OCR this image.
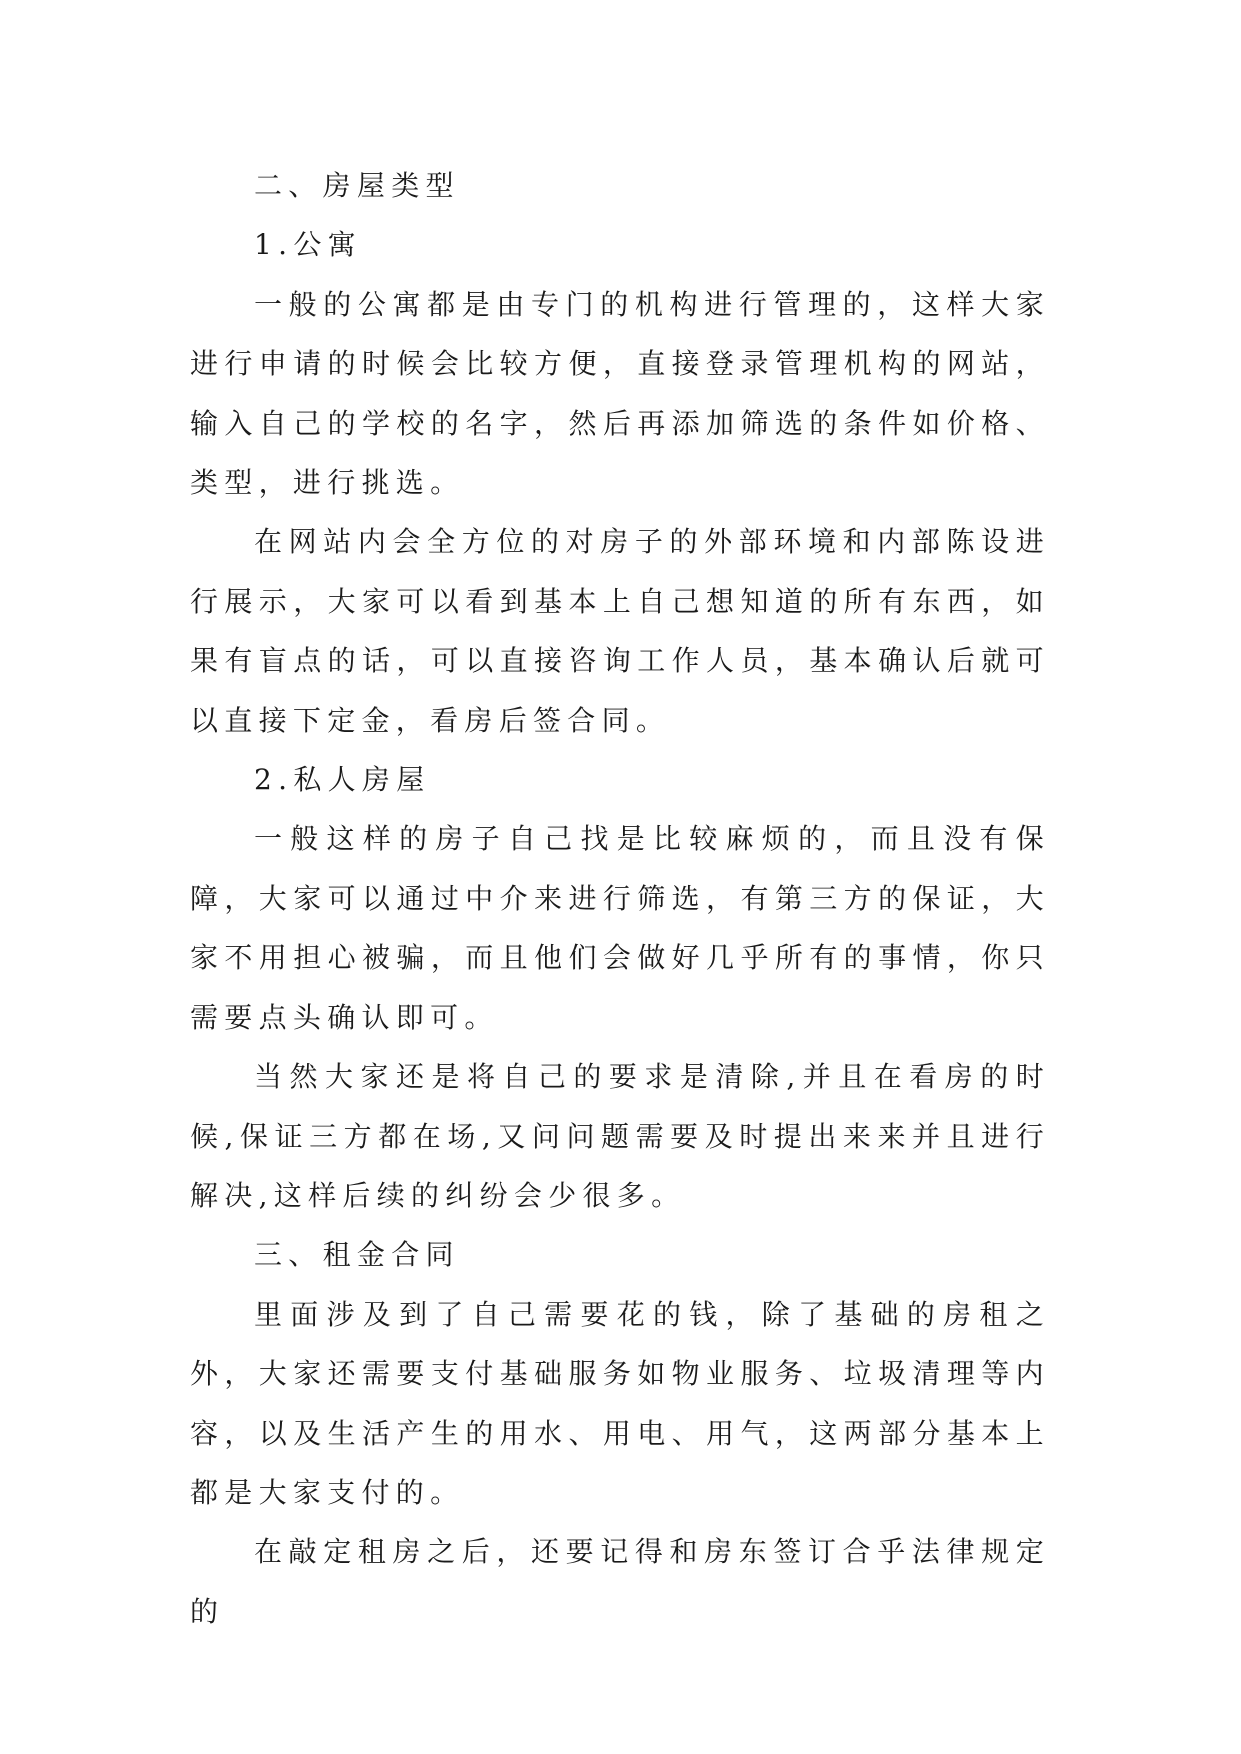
二、房屋类型

1.公寓

一般的公寓都是由专门的机构进行管理的，这样大家进行申请的时候会比较方便，直接登录管理机构的网站，输入自己的学校的名字，然后再添加筛选的条件如价格、类型，进行挑选。

在网站内会全方位的对房子的外部环境和内部陈设进行展示，大家可以看到基本上自己想知道的所有东西，如果有盲点的话，可以直接咨询工作人员，基本确认后就可以直接下定金，看房后签合同。

2.私人房屋

一般这样的房子自己找是比较麻烦的，而且没有保障，大家可以通过中介来进行筛选，有第三方的保证，大家不用担心被骗，而且他们会做好几乎所有的事情，你只需要点头确认即可。

当然大家还是将自己的要求是清除,并且在看房的时候,保证三方都在场,又问问题需要及时提出来来并且进行解决,这样后续的纠纷会少很多。

三、租金合同

里面涉及到了自己需要花的钱，除了基础的房租之外，大家还需要支付基础服务如物业服务、垃圾清理等内容，以及生活产生的用水、用电、用气，这两部分基本上都是大家支付的。

在敲定租房之后，还要记得和房东签订合乎法律规定的
